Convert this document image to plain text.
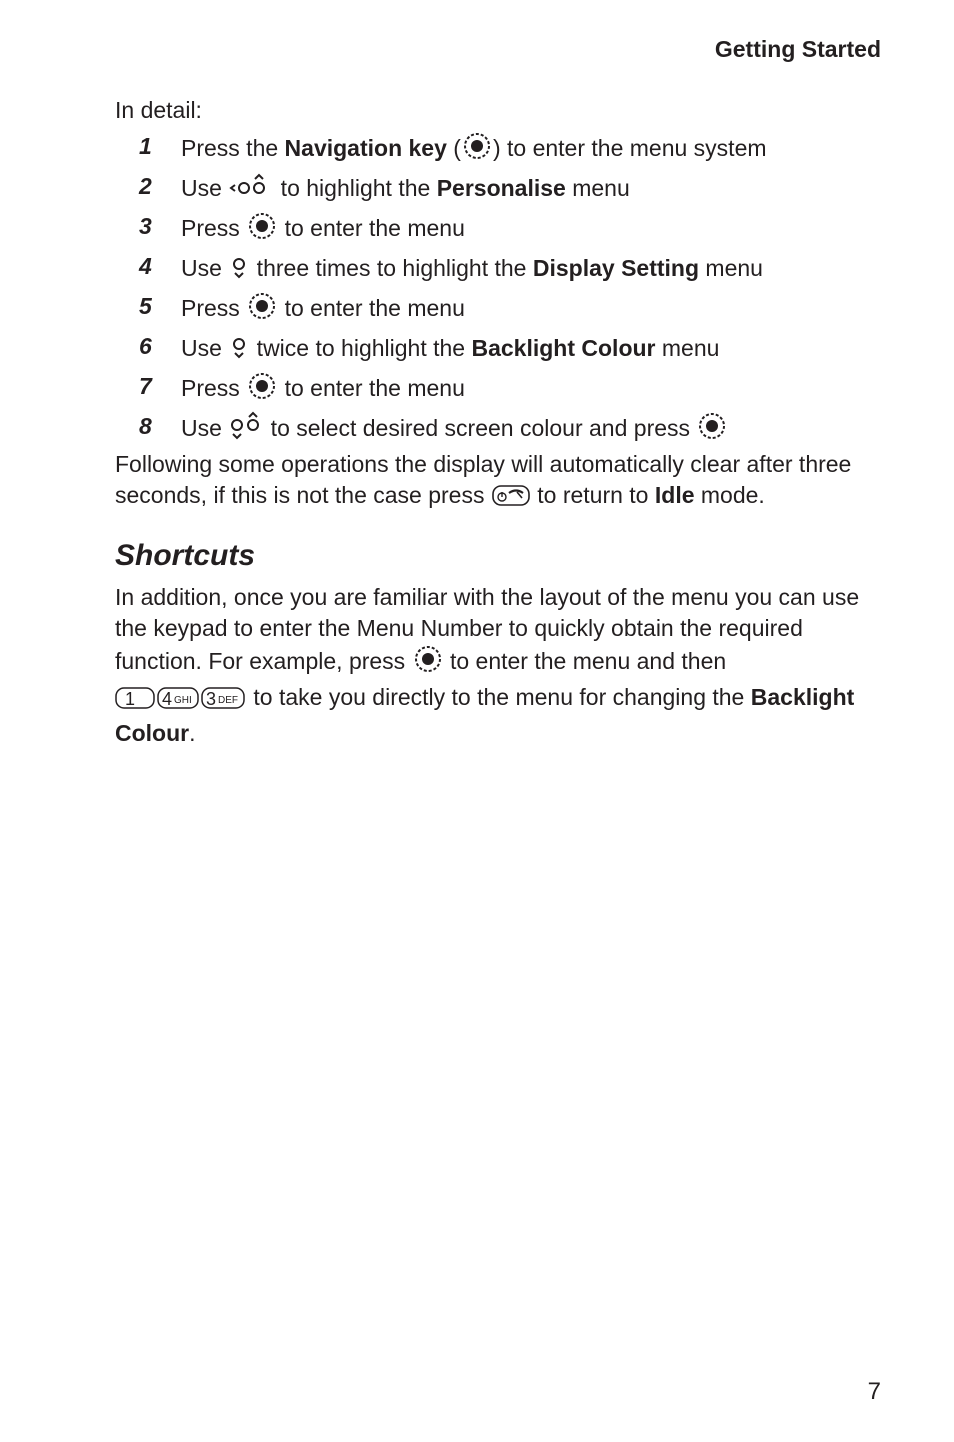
Getting Started

In detail:

1 Press the Navigation key ( ) to enter the menu system
2 Use  to highlight the Personalise menu
3 Press  to enter the menu
4 Use  three times to highlight the Display Setting menu
5 Press  to enter the menu
6 Use  twice to highlight the Backlight Colour menu
7 Press  to enter the menu
8 Use  to select desired screen colour and press

Following some operations the display will automatically clear after three seconds, if this is not the case press  to return to Idle mode.

Shortcuts

In addition, once you are familiar with the layout of the menu you can use the keypad to enter the Menu Number to quickly obtain the required function. For example, press  to enter the menu and then

1 4 GHI 3 DEF to take you directly to the menu for changing the Backlight Colour.

7
